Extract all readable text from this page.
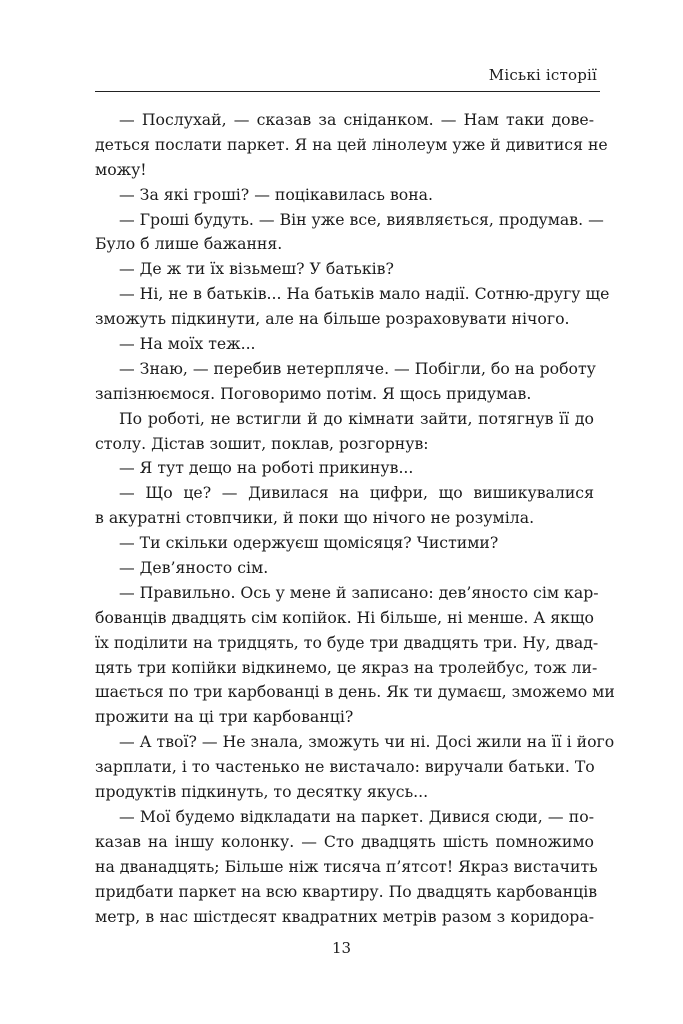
Міські історії
— Послухай, — сказав за сніданком. — Нам таки дове-
деться послати паркет. Я на цей лінолеум уже й дивитися не
можу!
— За які гроші? — поцікавилась вона.
— Гроші будуть. — Він уже все, виявляється, продумав. —
Було б лише бажання.
— Де ж ти їх візьмеш? У батьків?
— Ні, не в батьків... На батьків мало надії. Сотню-другу ще
зможуть підкинути, але на більше розраховувати нічого.
— На моїх теж...
— Знаю, — перебив нетерпляче. — Побігли, бо на роботу
запізнюємося. Поговоримо потім. Я щось придумав.
По роботі, не встигли й до кімнати зайти, потягнув її до
столу. Дістав зошит, поклав, розгорнув:
— Я тут дещо на роботі прикинув...
— Що це? — Дивилася на цифри, що вишикувалися
в акуратні стовпчики, й поки що нічого не розуміла.
— Ти скільки одержуєш щомісяця? Чистими?
— Дев’яносто сім.
— Правильно. Ось у мене й записано: дев’яносто сім кар-
бованців двадцять сім копійок. Ні більше, ні менше. А якщо
їх поділити на тридцять, то буде три двадцять три. Ну, двад-
цять три копійки відкинемо, це якраз на тролейбус, тож ли-
шається по три карбованці в день. Як ти думаєш, зможемо ми
прожити на ці три карбованці?
— А твої? — Не знала, зможуть чи ні. Досі жили на її і його
зарплати, і то частенько не вистачало: виручали батьки. То
продуктів підкинуть, то десятку якусь...
— Мої будемо відкладати на паркет. Дивися сюди, — по-
казав на іншу колонку. — Сто двадцять шість помножимо
на дванадцять; Більше ніж тисяча п’ятсот! Якраз вистачить
придбати паркет на всю квартиру. По двадцять карбованців
метр, в нас шістдесят квадратних метрів разом з коридора-
13
